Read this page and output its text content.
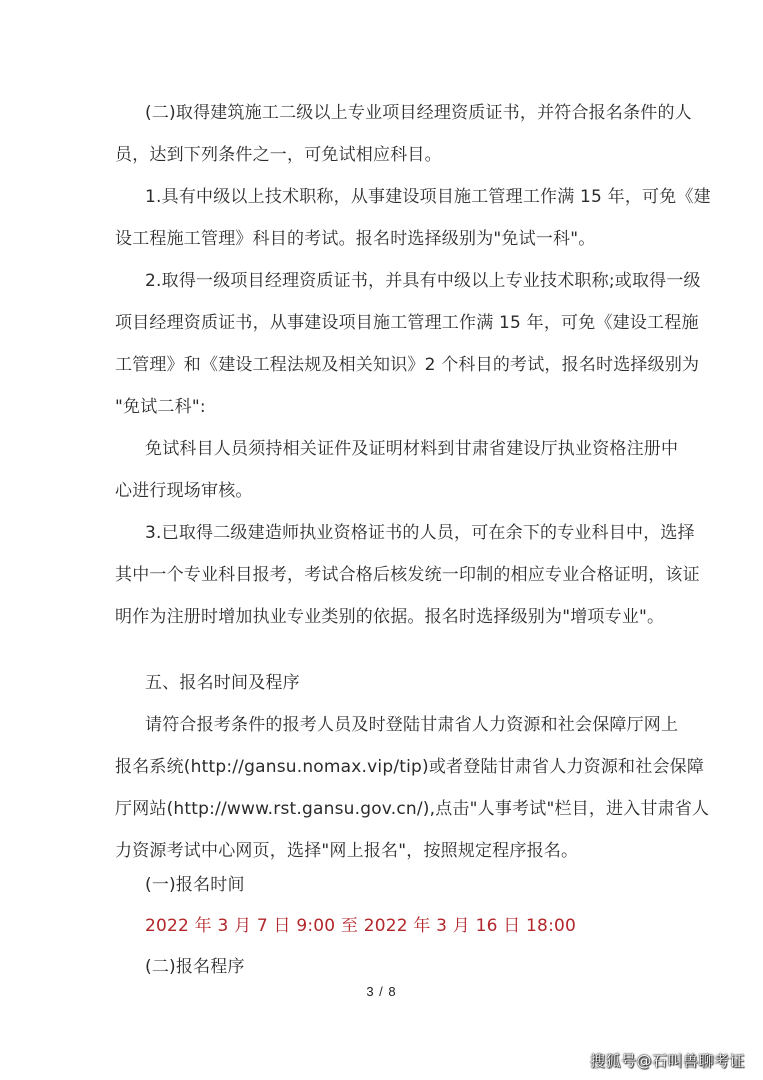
(二)取得建筑施工二级以上专业项目经理资质证书，并符合报名条件的人
员，达到下列条件之一，可免试相应科目。
1.具有中级以上技术职称，从事建设项目施工管理工作满 15 年，可免《建
设工程施工管理》科目的考试。报名时选择级别为"免试一科"。
2.取得一级项目经理资质证书，并具有中级以上专业技术职称;或取得一级
项目经理资质证书，从事建设项目施工管理工作满 15 年，可免《建设工程施
工管理》和《建设工程法规及相关知识》2 个科目的考试，报名时选择级别为
"免试二科":
免试科目人员须持相关证件及证明材料到甘肃省建设厅执业资格注册中
心进行现场审核。
3.已取得二级建造师执业资格证书的人员，可在余下的专业科目中，选择
其中一个专业科目报考，考试合格后核发统一印制的相应专业合格证明，该证
明作为注册时增加执业专业类别的依据。报名时选择级别为"增项专业"。
五、报名时间及程序
请符合报考条件的报考人员及时登陆甘肃省人力资源和社会保障厅网上
报名系统(http://gansu.nomax.vip/tip)或者登陆甘肃省人力资源和社会保障
厅网站(http://www.rst.gansu.gov.cn/),点击"人事考试"栏目，进入甘肃省人
力资源考试中心网页，选择"网上报名"，按照规定程序报名。
(一)报名时间
2022 年 3 月 7 日 9:00 至 2022 年 3 月 16 日 18:00
(二)报名程序
3 / 8
搜狐号@石叫兽聊考证
